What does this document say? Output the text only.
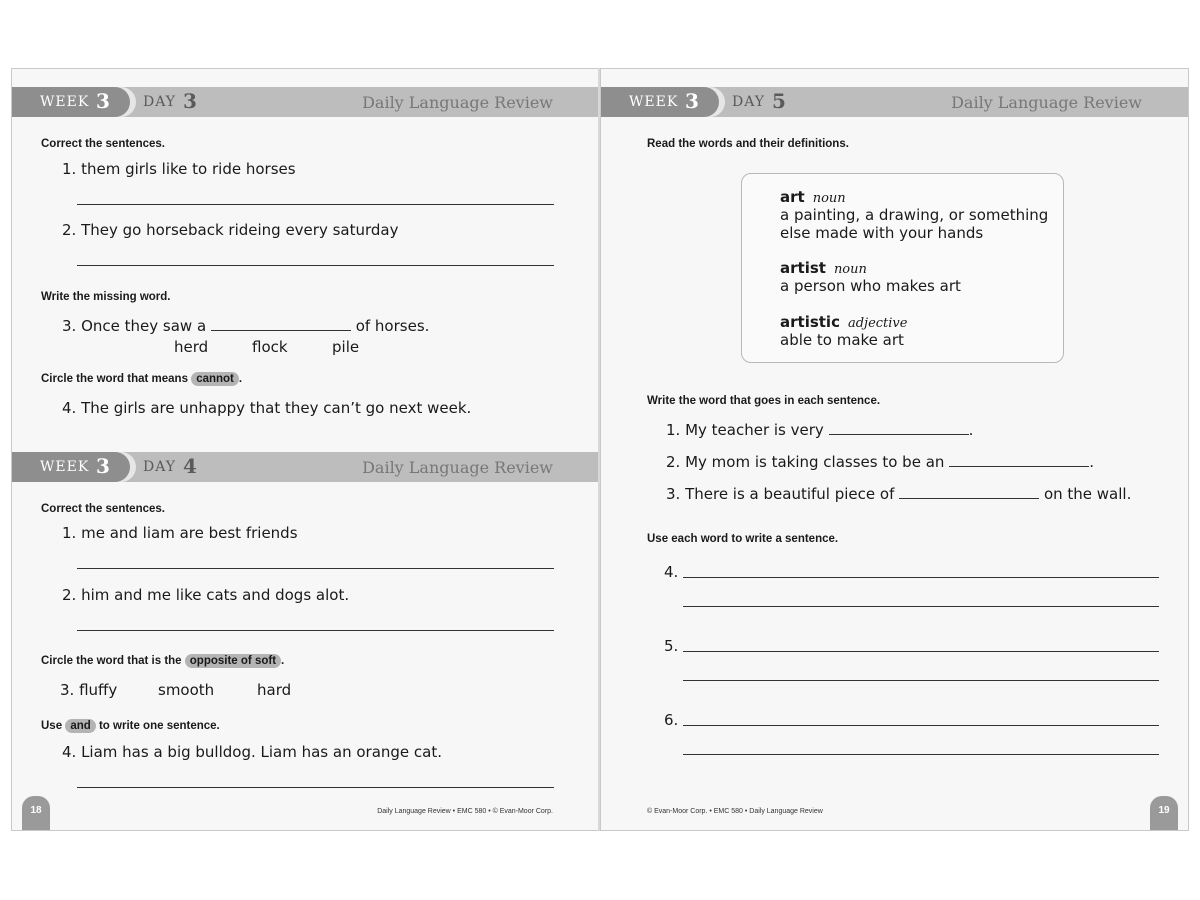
WEEK 3 DAY 3	Daily Language Review
Correct the sentences.
1. them girls like to ride horses
2. They go horseback rideing every saturday
Write the missing word.
3. Once they saw a	of horses.
herd	flock	pile
Circle the word that means cannot .
4. The girls are unhappy that they can’t go next week.
WEEK 3 DAY 4	Daily Language Review
Correct the sentences.
1. me and liam are best friends
2. him and me like cats and dogs alot.
Circle the word that is the opposite of soft .
3. fluffy	smooth	hard
Use and to write one sentence.
4. Liam has a big bulldog. Liam has an orange cat.
18	Daily Language Review • EMC 580 • © Evan-Moor Corp.
WEEK 3 DAY 5	Daily Language Review
Read the words and their definitions.
art noun
a painting, a drawing, or something
else made with your hands
artist noun
a person who makes art
artistic adjective
able to make art
Write the word that goes in each sentence.
1. My teacher is very	.
2. My mom is taking classes to be an	.
3. There is a beautiful piece of	on the wall.
Use each word to write a sentence.
4.
5.
6.
© Evan-Moor Corp. • EMC 580 • Daily Language Review	19
